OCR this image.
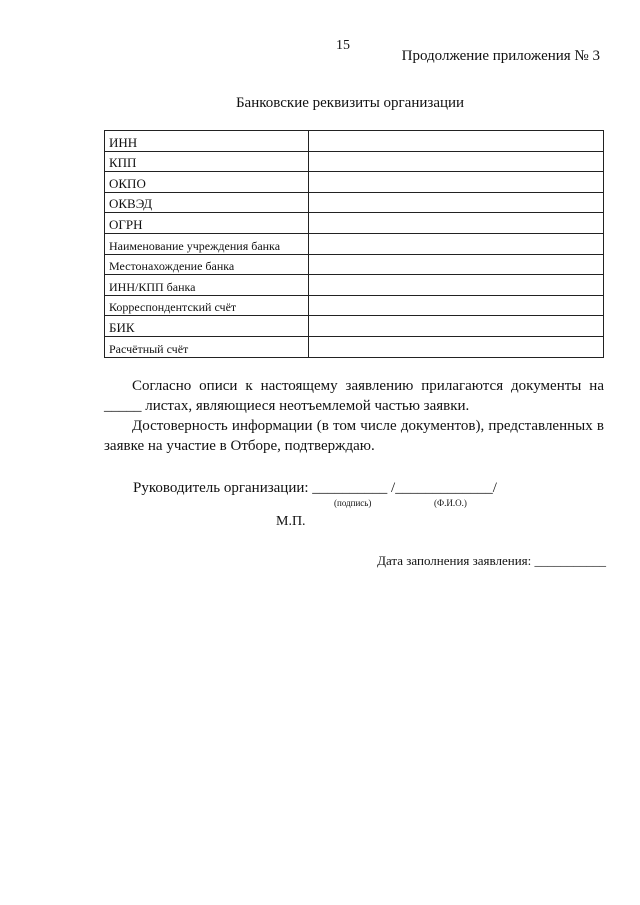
15
Продолжение приложения № 3
Банковские реквизиты организации
ИНН	
КПП	
ОКПО	
ОКВЭД	
ОГРН	
Наименование учреждения банка	
Местонахождение банка	
ИНН/КПП банка	
Корреспондентский счёт	
БИК	
Расчётный счёт	

Согласно описи к настоящему заявлению прилагаются документы на _____ листах, являющиеся неотъемлемой частью заявки.

Достоверность информации (в том числе документов), представленных в заявке на участие в Отборе, подтверждаю.

Руководитель организации: __________ /_____________/
(подпись)	(Ф.И.О.)
М.П.
Дата заполнения заявления: ___________
